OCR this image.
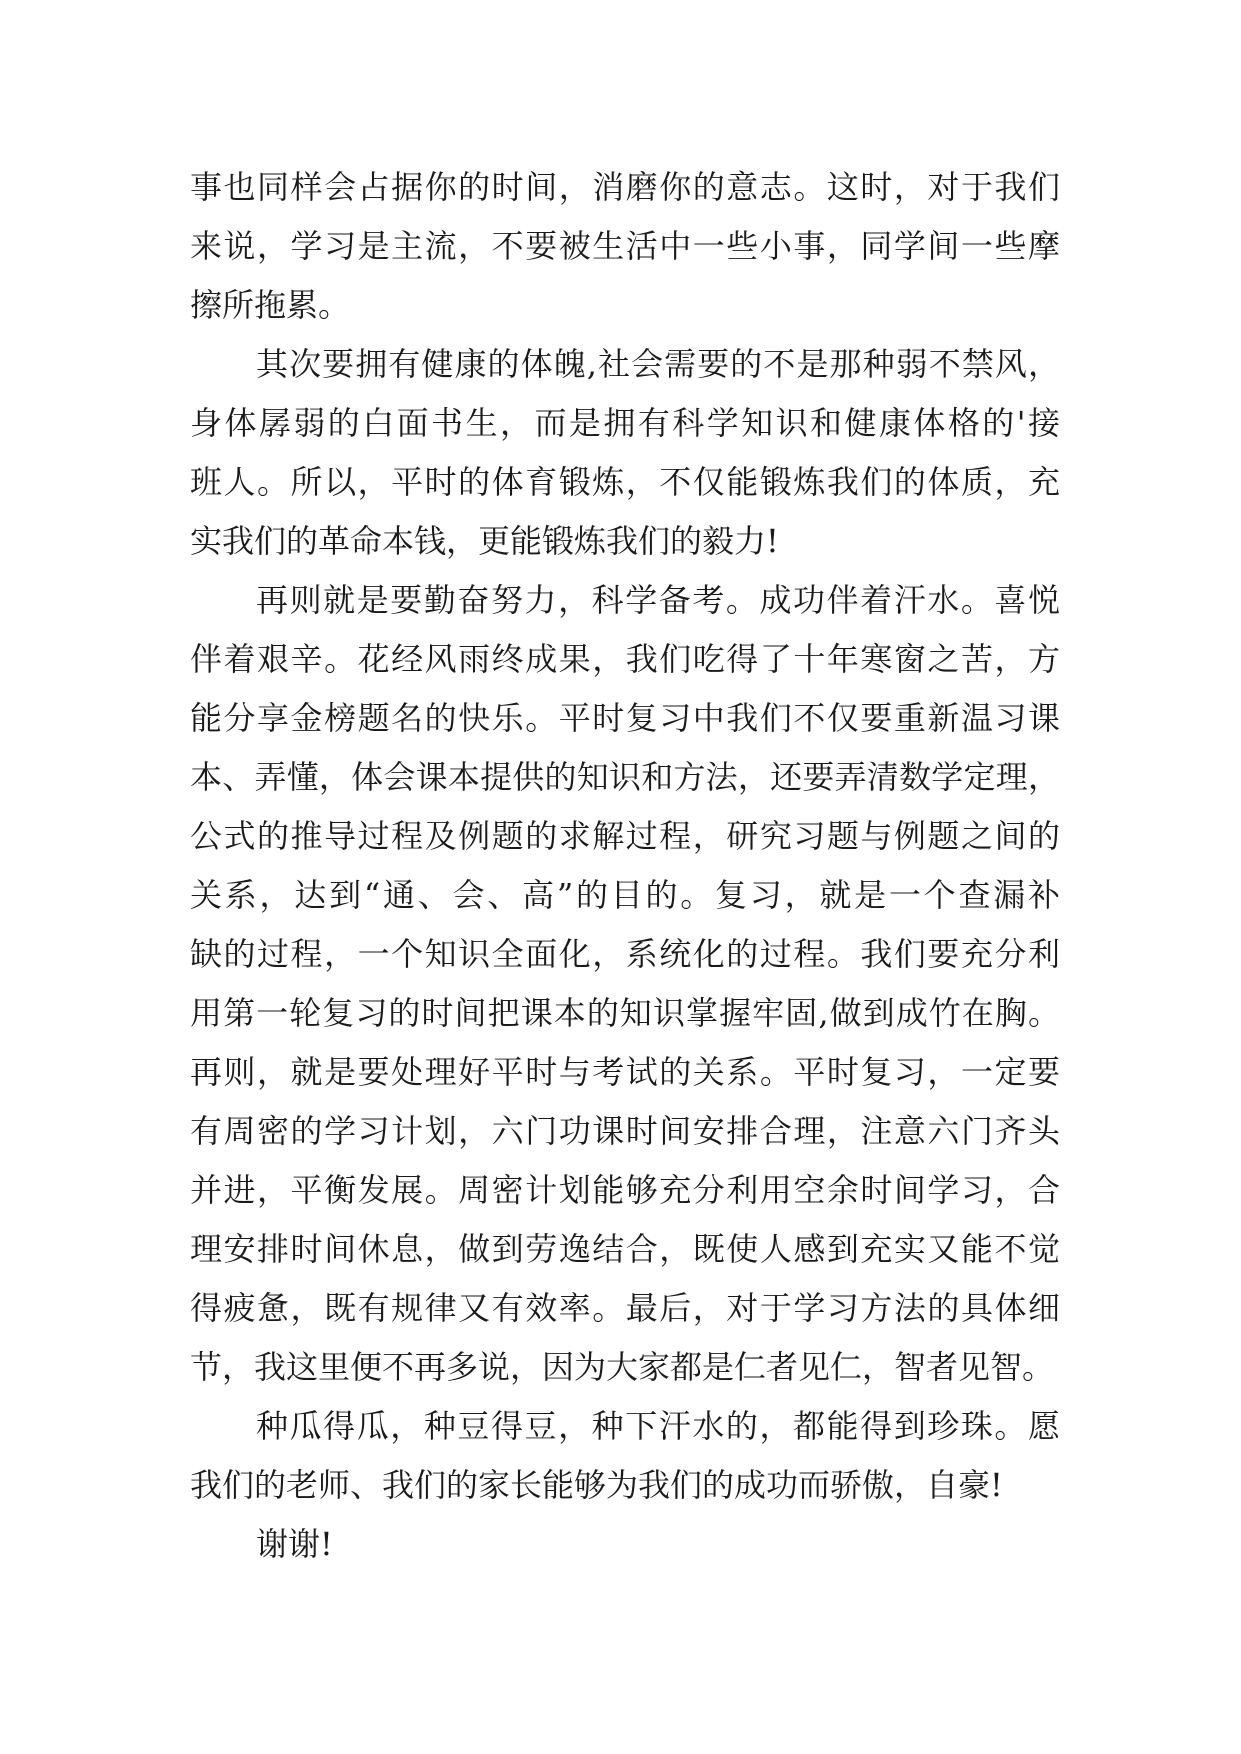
事也同样会占据你的时间，消磨你的意志。这时，对于我们
来说，学习是主流，不要被生活中一些小事，同学间一些摩
擦所拖累。
其次要拥有健康的体魄,社会需要的不是那种弱不禁风，
身体孱弱的白面书生，而是拥有科学知识和健康体格的'接
班人。所以，平时的体育锻炼，不仅能锻炼我们的体质，充
实我们的革命本钱，更能锻炼我们的毅力!
再则就是要勤奋努力，科学备考。成功伴着汗水。喜悦
伴着艰辛。花经风雨终成果，我们吃得了十年寒窗之苦，方
能分享金榜题名的快乐。平时复习中我们不仅要重新温习课
本、弄懂，体会课本提供的知识和方法，还要弄清数学定理，
公式的推导过程及例题的求解过程，研究习题与例题之间的
关系，达到“通、会、高”的目的。复习，就是一个查漏补
缺的过程，一个知识全面化，系统化的过程。我们要充分利
用第一轮复习的时间把课本的知识掌握牢固,做到成竹在胸。
再则，就是要处理好平时与考试的关系。平时复习，一定要
有周密的学习计划，六门功课时间安排合理，注意六门齐头
并进，平衡发展。周密计划能够充分利用空余时间学习，合
理安排时间休息，做到劳逸结合，既使人感到充实又能不觉
得疲惫，既有规律又有效率。最后，对于学习方法的具体细
节，我这里便不再多说，因为大家都是仁者见仁，智者见智。
种瓜得瓜，种豆得豆，种下汗水的，都能得到珍珠。愿
我们的老师、我们的家长能够为我们的成功而骄傲，自豪!
谢谢!
